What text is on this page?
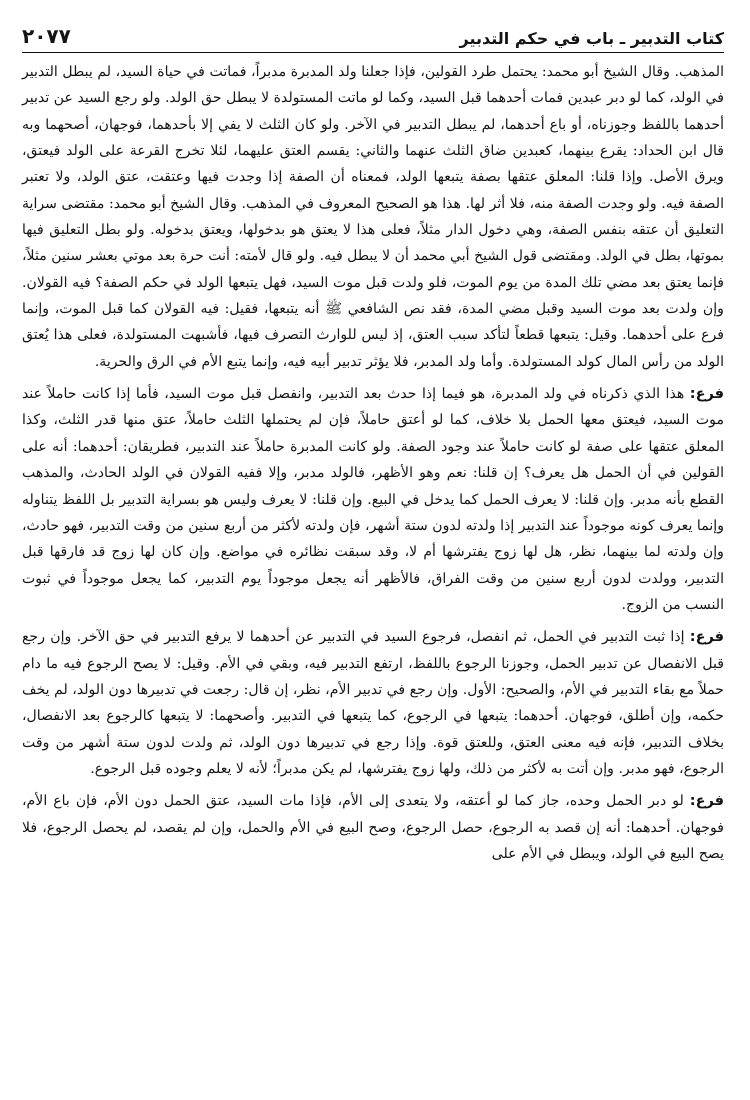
كتاب التدبير ـ باب في حكم التدبير
٢٠٧٧

المذهب. وقال الشيخ أبو محمد: يحتمل طرد القولين، فإذا جعلنا ولد المدبرة مدبراً، فماتت في حياة السيد، لم يبطل التدبير في الولد، كما لو دبر عبدين فمات أحدهما قبل السيد، وكما لو ماتت المستولدة لا يبطل حق الولد. ولو رجع السيد عن تدبير أحدهما باللفظ وجوزناه، أو باع أحدهما، لم يبطل التدبير في الآخر. ولو كان الثلث لا يفي إلا بأحدهما، فوجهان، أصحهما وبه قال ابن الحداد: يقرع بينهما، كعبدين ضاق الثلث عنهما والثاني: يقسم العتق عليهما، لئلا تخرج القرعة على الولد فيعتق، ويرق الأصل. وإذا قلنا: المعلق عتقها بصفة يتبعها الولد، فمعناه أن الصفة إذا وجدت فيها وعتقت، عتق الولد، ولا تعتبر الصفة فيه. ولو وجدت الصفة منه، فلا أثر لها. هذا هو الصحيح المعروف في المذهب. وقال الشيخ أبو محمد: مقتضى سراية التعليق أن عتقه بنفس الصفة، وهي دخول الدار مثلاً، فعلى هذا لا يعتق هو بدخولها، ويعتق بدخوله. ولو بطل التعليق فيها بموتها، بطل في الولد. ومقتضى قول الشيخ أبي محمد أن لا يبطل فيه. ولو قال لأمته: أنت حرة بعد موتي بعشر سنين مثلاً، فإنما يعتق بعد مضي تلك المدة من يوم الموت، فلو ولدت قبل موت السيد، فهل يتبعها الولد في حكم الصفة؟ فيه القولان. وإن ولدت بعد موت السيد وقبل مضي المدة، فقد نص الشافعي ﷺ أنه يتبعها، فقيل: فيه القولان كما قبل الموت، وإنما فرع على أحدهما. وقيل: يتبعها قطعاً لتأكد سبب العتق، إذ ليس للوارث التصرف فيها، فأشبهت المستولدة، فعلى هذا يُعتق الولد من رأس المال كولد المستولدة. وأما ولد المدبر، فلا يؤثر تدبير أبيه فيه، وإنما يتبع الأم في الرق والحرية.

فرع: هذا الذي ذكرناه في ولد المدبرة، هو فيما إذا حدث بعد التدبير، وانفصل قبل موت السيد، فأما إذا كانت حاملاً عند موت السيد، فيعتق معها الحمل بلا خلاف، كما لو أعتق حاملاً، فإن لم يحتملها الثلث حاملاً، عتق منها قدر الثلث، وكذا المعلق عتقها على صفة لو كانت حاملاً عند وجود الصفة. ولو كانت المدبرة حاملاً عند التدبير، فطريقان: أحدهما: أنه على القولين في أن الحمل هل يعرف؟ إن قلنا: نعم وهو الأظهر، فالولد مدبر، وإلا ففيه القولان في الولد الحادث، والمذهب القطع بأنه مدبر. وإن قلنا: لا يعرف الحمل كما يدخل في البيع. وإن قلنا: لا يعرف وليس هو بسراية التدبير بل اللفظ يتناوله وإنما يعرف كونه موجوداً عند التدبير إذا ولدته لدون ستة أشهر، فإن ولدته لأكثر من أربع سنين من وقت التدبير، فهو حادث، وإن ولدته لما بينهما، نظر، هل لها زوج يفترشها أم لا، وقد سبقت نظائره في مواضع. وإن كان لها زوج قد فارقها قبل التدبير، وولدت لدون أربع سنين من وقت الفراق، فالأظهر أنه يجعل موجوداً يوم التدبير، كما يجعل موجوداً في ثبوت النسب من الزوج.

فرع: إذا ثبت التدبير في الحمل، ثم انفصل، فرجوع السيد في التدبير عن أحدهما لا يرفع التدبير في حق الآخر. وإن رجع قبل الانفصال عن تدبير الحمل، وجوزنا الرجوع باللفظ، ارتفع التدبير فيه، وبقي في الأم. وقيل: لا يصح الرجوع فيه ما دام حملاً مع بقاء التدبير في الأم، والصحيح: الأول. وإن رجع في تدبير الأم، نظر، إن قال: رجعت في تدبيرها دون الولد، لم يخف حكمه، وإن أطلق، فوجهان. أحدهما: يتبعها في الرجوع، كما يتبعها في التدبير. وأصحهما: لا يتبعها كالرجوع بعد الانفصال، بخلاف التدبير، فإنه فيه معنى العتق، وللعتق قوة. وإذا رجع في تدبيرها دون الولد، ثم ولدت لدون ستة أشهر من وقت الرجوع، فهو مدبر. وإن أتت به لأكثر من ذلك، ولها زوج يفترشها، لم يكن مدبراً؛ لأنه لا يعلم وجوده قبل الرجوع.

فرع: لو دبر الحمل وحده، جاز كما لو أعتقه، ولا يتعدى إلى الأم، فإذا مات السيد، عتق الحمل دون الأم، فإن باع الأم، فوجهان. أحدهما: أنه إن قصد به الرجوع، حصل الرجوع، وصح البيع في الأم والحمل، وإن لم يقصد، لم يحصل الرجوع، فلا يصح البيع في الولد، ويبطل في الأم على
